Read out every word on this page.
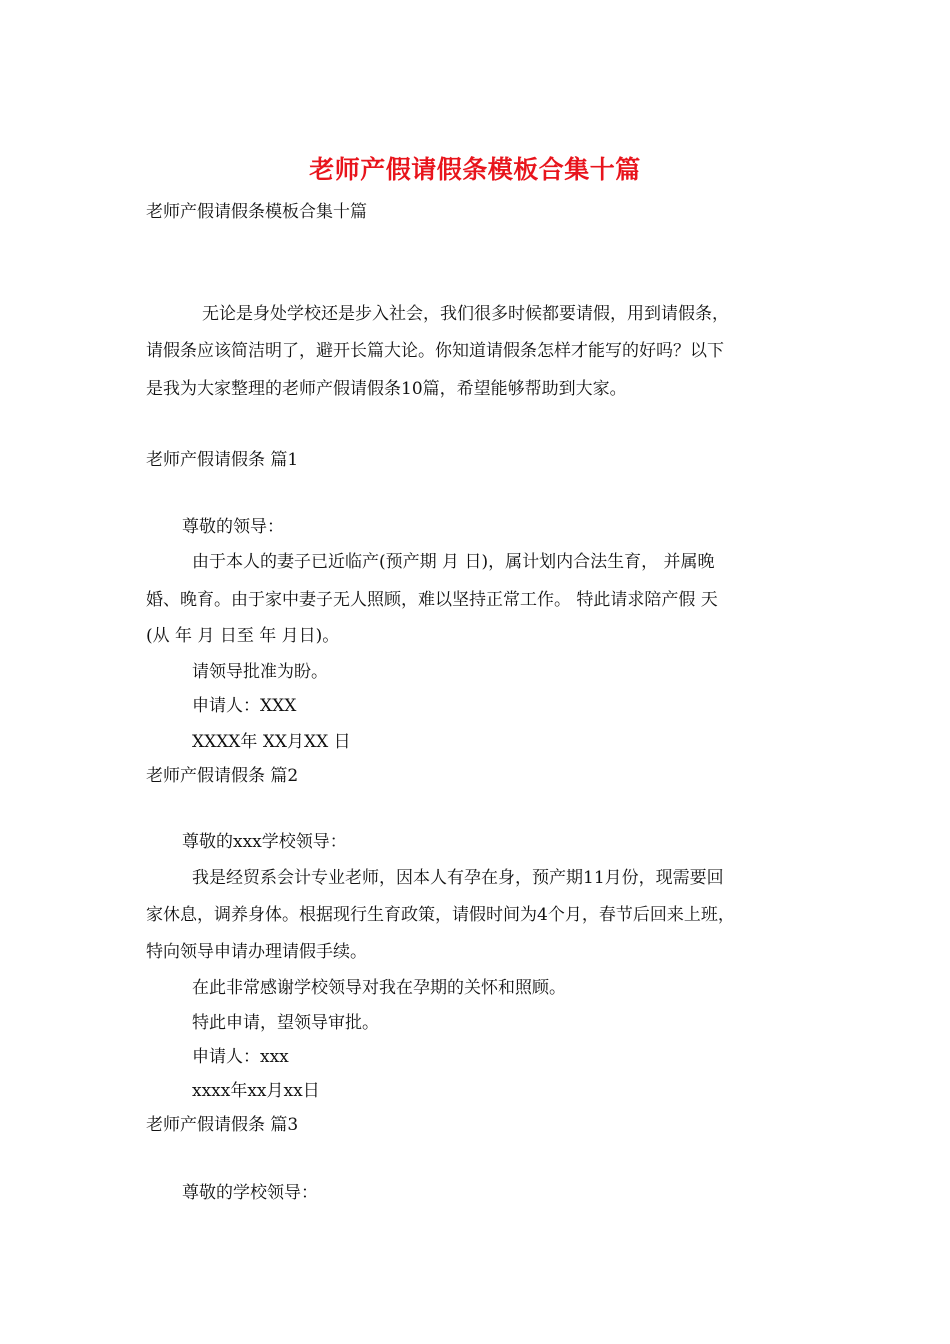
老师产假请假条模板合集十篇
老师产假请假条模板合集十篇
无论是身处学校还是步入社会，我们很多时候都要请假，用到请假条，
请假条应该简洁明了，避开长篇大论。你知道请假条怎样才能写的好吗？以下
是我为大家整理的老师产假请假条10篇，希望能够帮助到大家。
老师产假请假条 篇1
尊敬的领导：
由于本人的妻子已近临产(预产期 月 日)，属计划内合法生育， 并属晚
婚、晚育。由于家中妻子无人照顾，难以坚持正常工作。 特此请求陪产假 天
(从 年 月 日至 年 月日)。
请领导批准为盼。
申请人：XXX
XXXX年 XX月XX 日
老师产假请假条 篇2
尊敬的xxx学校领导：
我是经贸系会计专业老师，因本人有孕在身，预产期11月份，现需要回
家休息，调养身体。根据现行生育政策，请假时间为4个月，春节后回来上班，
特向领导申请办理请假手续。
在此非常感谢学校领导对我在孕期的关怀和照顾。
特此申请，望领导审批。
申请人：xxx
xxxx年xx月xx日
老师产假请假条 篇3
尊敬的学校领导：
